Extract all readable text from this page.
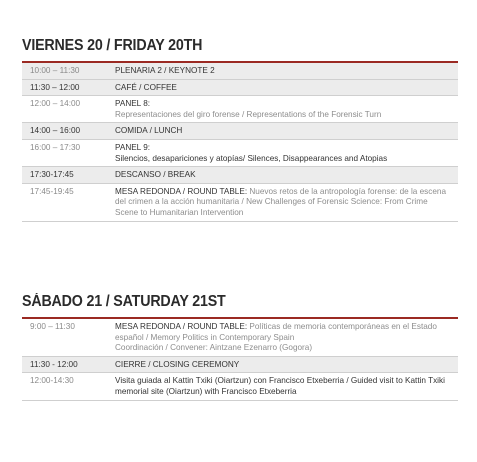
VIERNES 20 / FRIDAY 20TH
10:00 – 11:30	PLENARIA 2 / KEYNOTE 2
11:30 – 12:00	CAFÉ / COFFEE
12:00 – 14:00	PANEL 8:
Representaciones del giro forense / Representations of the Forensic Turn
14:00 – 16:00	COMIDA / LUNCH
16:00 – 17:30	PANEL 9:
Silencios, desapariciones y atopías/ Silences, Disappearances and Atopias
17:30-17:45	DESCANSO / BREAK
17:45-19:45	MESA REDONDA / ROUND TABLE: Nuevos retos de la antropología forense: de la escena del crimen a la acción humanitaria / New Challenges of Forensic Science: From Crime Scene to Humanitarian Intervention
SÁBADO 21 / SATURDAY 21ST
9:00 – 11:30	MESA REDONDA / ROUND TABLE: Políticas de memoria contemporáneas en el Estado español / Memory Politics in Contemporary Spain
Coordinación / Convener: Aintzane Ezenarro (Gogora)
11:30 - 12:00	CIERRE / CLOSING CEREMONY
12:00-14:30	Visita guiada al Kattin Txiki (Oiartzun) con Francisco Etxeberria / Guided visit to Kattin Txiki memorial site (Oiartzun) with Francisco Etxeberria
